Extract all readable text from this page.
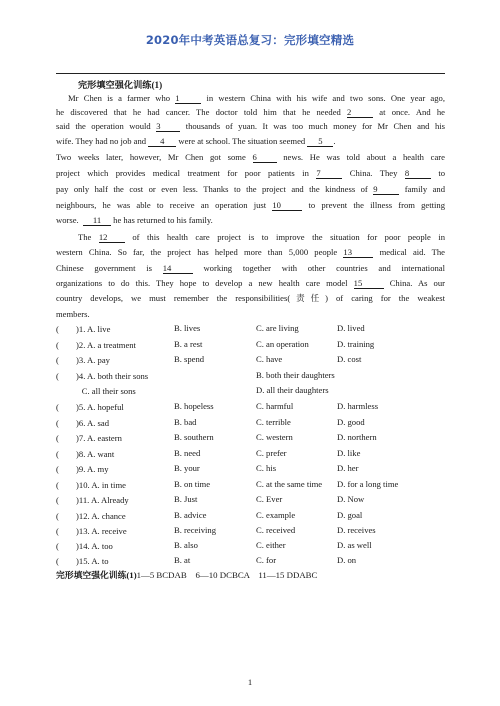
2020年中考英语总复习：完形填空精选
完形填空强化训练(1)
Mr Chen is a farmer who 1	in western China with his wife and two sons. One year ago,
he discovered that he had cancer. The doctor told him that he needed 2	at once. And he
said the operation would 3	thousands of yuan. It was too much money for Mr Chen and his
wife. They had no job and 4 were at school. The situation seemed 5 .
Two weeks later, however, Mr Chen got some 6	news. He was told about a health care
project which provides medical treatment for poor patients in 7	China. They 8	to
pay only half the cost or even less. Thanks to the project and the kindness of 9	family and
neighbours, he was able to receive an operation just 10	to prevent the illness from getting
worse. 11 he has returned to his family.
The 12	of this health care project is to improve the situation for poor people in
western China. So far, the project has helped more than 5,000 people 13	medical aid. The
Chinese government is 14	working together with other countries and international
organizations to do this. They hope to develop a new health care model 15	China. As our
country develops, we must remember the responsibilities(责任) of caring for the weakest
members.
(　　)1. A. live	B. lives	C. are living	D. lived
(　　)2. A. a treatment	B. a rest	C. an operation	D. training
(　　)3. A. pay	B. spend	C. have	D. cost
(　　)4. A. both their sons	B. both their daughters
　　　C. all their sons	D. all their daughters
(　　)5. A. hopeful	B. hopeless	C. harmful	D. harmless
(　　)6. A. sad	B. bad	C. terrible	D. good
(　　)7. A. eastern	B. southern	C. western	D. northern
(　　)8. A. want	B. need	C. prefer	D. like
(　　)9. A. my	B. your	C. his	D. her
(　　)10. A. in time	B. on time	C. at the same time D. for a long time
(　　)11. A. Already	B. Just	C. Ever	D. Now
(　　)12. A. chance	B. advice	C. example	D. goal
(　　)13. A. receive	B. receiving	C. received	D. receives
(　　)14. A. too	B. also	C. either	D. as well
(　　)15. A. to	B. at	C. for	D. on
完形填空强化训练(1)1—5 BCDAB　6—10 DCBCA　11—15 DDABC
1
